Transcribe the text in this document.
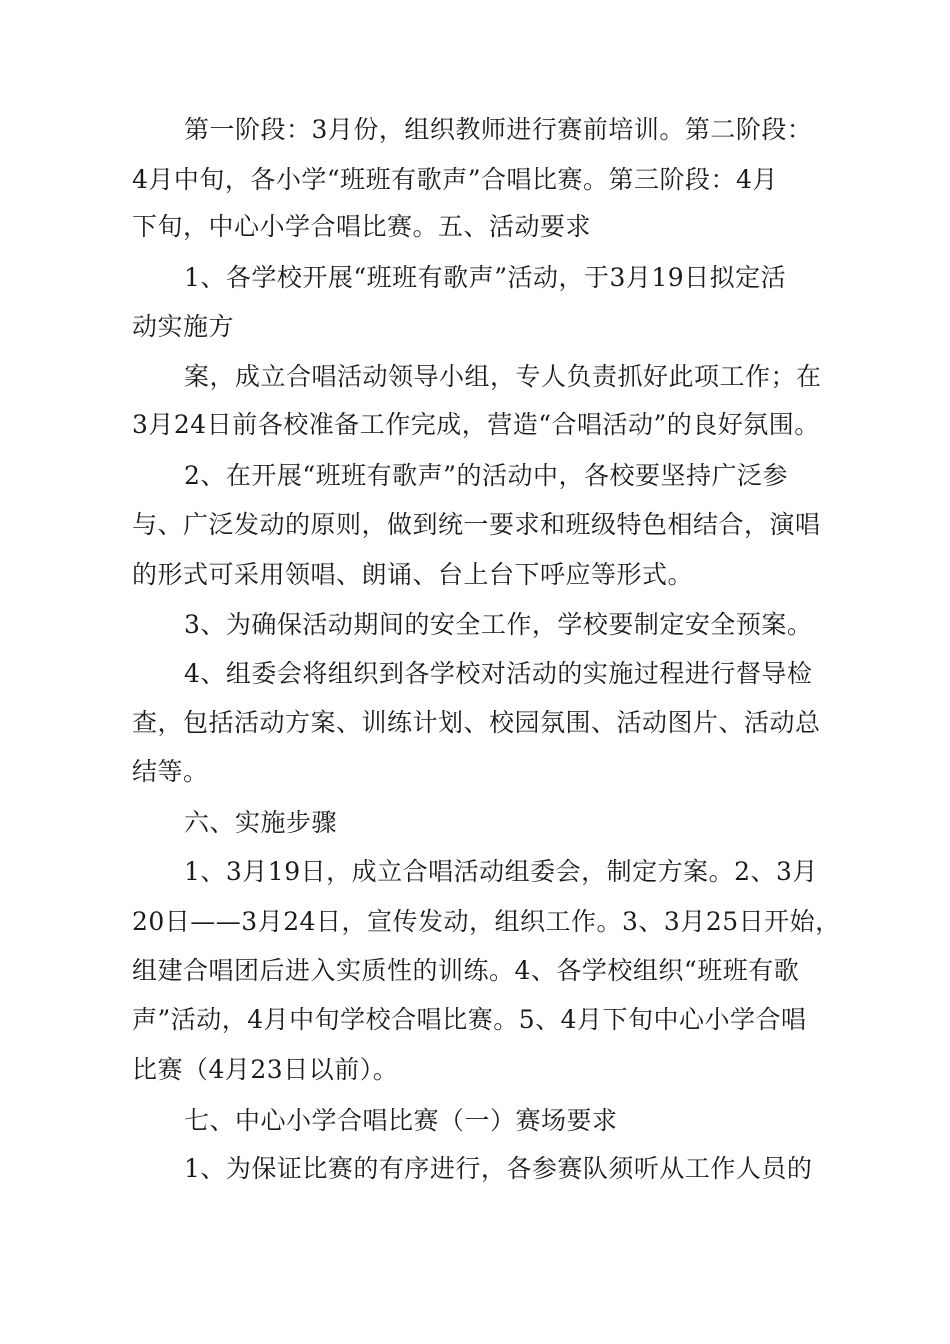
第一阶段：3月份，组织教师进行赛前培训。第二阶段：
4月中旬，各小学“班班有歌声”合唱比赛。第三阶段：4月
下旬，中心小学合唱比赛。五、活动要求
1、各学校开展“班班有歌声”活动，于3月19日拟定活
动实施方
案，成立合唱活动领导小组，专人负责抓好此项工作；在
3月24日前各校准备工作完成，营造“合唱活动”的良好氛围。
2、在开展“班班有歌声”的活动中，各校要坚持广泛参
与、广泛发动的原则，做到统一要求和班级特色相结合，演唱
的形式可采用领唱、朗诵、台上台下呼应等形式。
3、为确保活动期间的安全工作，学校要制定安全预案。
4、组委会将组织到各学校对活动的实施过程进行督导检
查，包括活动方案、训练计划、校园氛围、活动图片、活动总
结等。
六、实施步骤
1、3月19日，成立合唱活动组委会，制定方案。2、3月
20日——3月24日，宣传发动，组织工作。3、3月25日开始，
组建合唱团后进入实质性的训练。4、各学校组织“班班有歌
声”活动，4月中旬学校合唱比赛。5、4月下旬中心小学合唱
比赛（4月23日以前）。
七、中心小学合唱比赛（一）赛场要求
1、为保证比赛的有序进行，各参赛队须听从工作人员的
